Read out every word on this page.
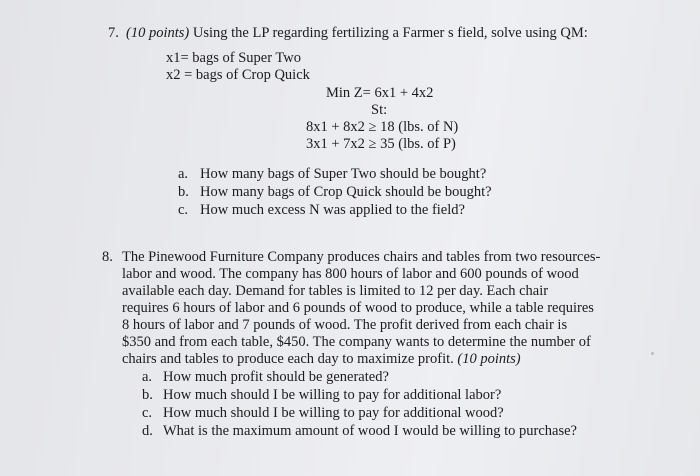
7. (10 points) Using the LP regarding fertilizing a Farmer s field, solve using QM:
x1= bags of Super Two
x2 = bags of Crop Quick
Min Z= 6x1 + 4x2
St:
8x1 + 8x2 ≥ 18 (lbs. of N)
3x1 + 7x2 ≥ 35 (lbs. of P)
a. How many bags of Super Two should be bought?
b. How many bags of Crop Quick should be bought?
c. How much excess N was applied to the field?
8. The Pinewood Furniture Company produces chairs and tables from two resources-
labor and wood. The company has 800 hours of labor and 600 pounds of wood
available each day. Demand for tables is limited to 12 per day. Each chair
requires 6 hours of labor and 6 pounds of wood to produce, while a table requires
8 hours of labor and 7 pounds of wood. The profit derived from each chair is
$350 and from each table, $450. The company wants to determine the number of
chairs and tables to produce each day to maximize profit. (10 points)
a. How much profit should be generated?
b. How much should I be willing to pay for additional labor?
c. How much should I be willing to pay for additional wood?
d. What is the maximum amount of wood I would be willing to purchase?
